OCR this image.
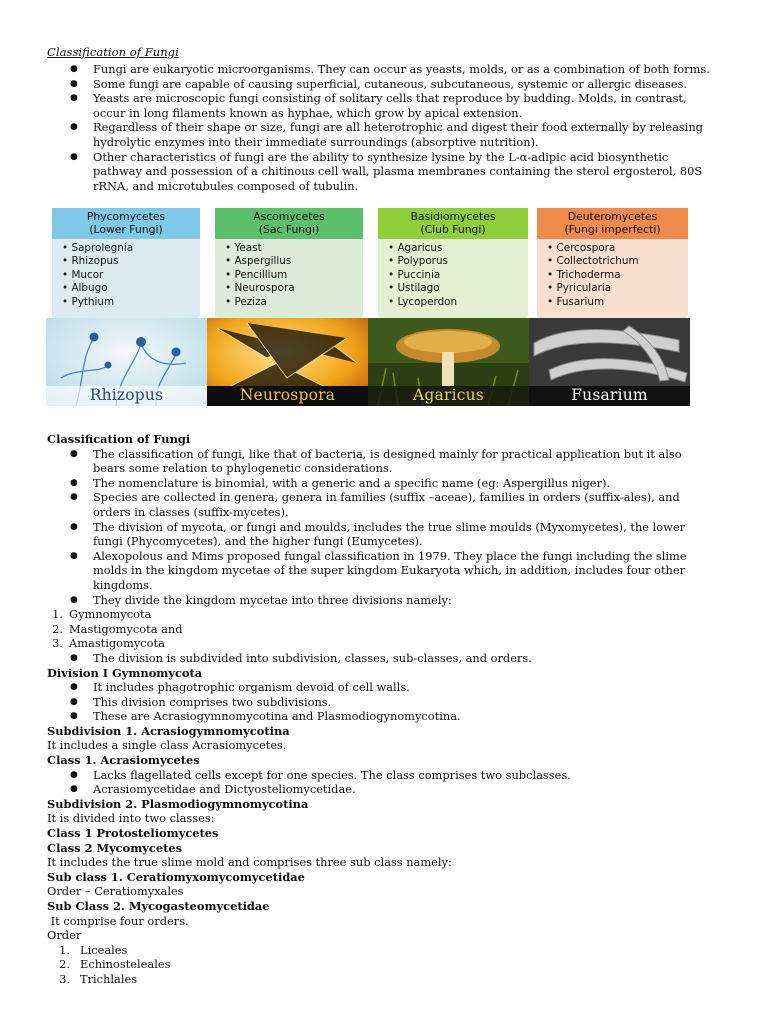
Classification of Fungi
● Fungi are eukaryotic microorganisms. They can occur as yeasts, molds, or as a combination of both forms.
● Some fungi are capable of causing superficial, cutaneous, subcutaneous, systemic or allergic diseases.
● Yeasts are microscopic fungi consisting of solitary cells that reproduce by budding. Molds, in contrast, occur in long filaments known as hyphae, which grow by apical extension.
● Regardless of their shape or size, fungi are all heterotrophic and digest their food externally by releasing hydrolytic enzymes into their immediate surroundings (absorptive nutrition).
● Other characteristics of fungi are the ability to synthesize lysine by the L-α-adipic acid biosynthetic pathway and possession of a chitinous cell wall, plasma membranes containing the sterol ergosterol, 80S rRNA, and microtubules composed of tubulin.
Phycomycetes
(Lower Fungi)
• Saprolegnia
• Rhizopus
• Mucor
• Albugo
• Pythium
Ascomycetes
(Sac Fungi)
• Yeast
• Aspergillus
• Pencillium
• Neurospora
• Peziza
Basidiomycetes
(Club Fungi)
• Agaricus
• Polyporus
• Puccinia
• Ustilago
• Lycoperdon
Deuteromycetes
(Fungi imperfecti)
• Cercospora
• Collectotrichum
• Trichoderma
• Pyricularia
• Fusarium
Rhizopus	Neurospora	Agaricus	Fusarium
Classification of Fungi
● The classification of fungi, like that of bacteria, is designed mainly for practical application but it also bears some relation to phylogenetic considerations.
● The nomenclature is binomial, with a generic and a specific name (eg: Aspergillus niger).
● Species are collected in genera, genera in families (suffix –aceae), families in orders (suffix-ales), and orders in classes (suffix-mycetes).
● The division of mycota, or fungi and moulds, includes the true slime moulds (Myxomycetes), the lower fungi (Phycomycetes), and the higher fungi (Eumycetes).
● Alexopolous and Mims proposed fungal classification in 1979. They place the fungi including the slime molds in the kingdom mycetae of the super kingdom Eukaryota which, in addition, includes four other kingdoms.
● They divide the kingdom mycetae into three divisions namely:
1. Gymnomycota
2. Mastigomycota and
3. Amastigomycota
● The division is subdivided into subdivision, classes, sub-classes, and orders.
Division I Gymnomycota
● It includes phagotrophic organism devoid of cell walls.
● This division comprises two subdivisions.
● These are Acrasiogymnomycotina and Plasmodiogynomycotina.
Subdivision 1. Acrasiogymnomycotina
It includes a single class Acrasiomycetes.
Class 1. Acrasiomycetes
● Lacks flagellated cells except for one species. The class comprises two subclasses.
● Acrasiomycetidae and Dictyosteliomycetidae.
Subdivision 2. Plasmodiogymnomycotina
It is divided into two classes:
Class 1 Protosteliomycetes
Class 2 Mycomycetes
It includes the true slime mold and comprises three sub class namely:
Sub class 1. Ceratiomyxomycomycetidae
Order – Ceratiomyxales
Sub Class 2. Mycogasteomycetidae
It comprise four orders.
Order
1. Liceales
2. Echinosteleales
3. Trichlales
